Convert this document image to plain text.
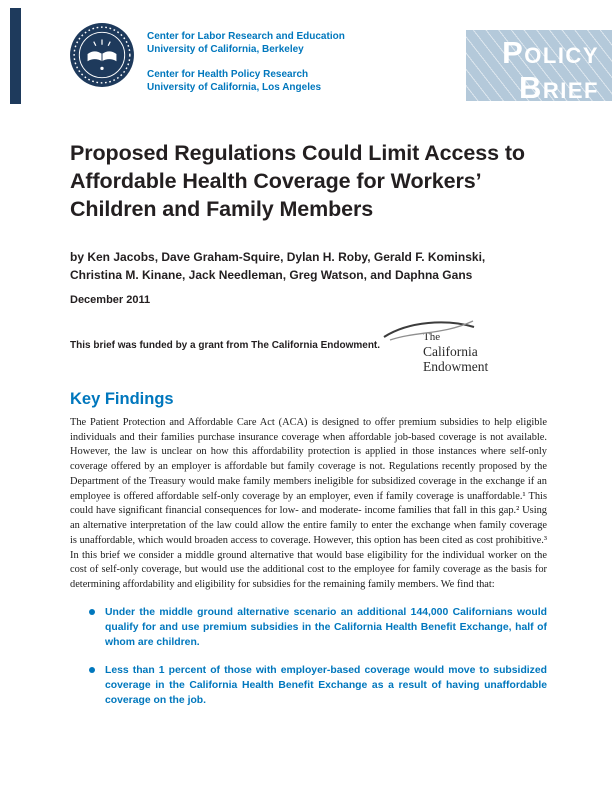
Center for Labor Research and Education
University of California, Berkeley
Center for Health Policy Research
University of California, Los Angeles
POLICY
BRIEF
Proposed Regulations Could Limit Access to Affordable Health Coverage for Workers’ Children and Family Members

by Ken Jacobs, Dave Graham-Squire, Dylan H. Roby, Gerald F. Kominski, Christina M. Kinane, Jack Needleman, Greg Watson, and Daphna Gans

December 2011

This brief was funded by a grant from The California Endowment.

The
California
Endowment
Key Findings

The Patient Protection and Affordable Care Act (ACA) is designed to offer premium subsidies to help eligible individuals and their families purchase insurance coverage when affordable job-based coverage is not available. However, the law is unclear on how this affordability protection is applied in those instances where self-only coverage offered by an employer is affordable but family coverage is not. Regulations recently proposed by the Department of the Treasury would make family members ineligible for subsidized coverage in the exchange if an employee is offered affordable self-only coverage by an employer, even if family coverage is unaffordable.¹ This could have significant financial consequences for low- and moderate- income families that fall in this gap.² Using an alternative interpretation of the law could allow the entire family to enter the exchange when family coverage is unaffordable, which would broaden access to coverage. However, this option has been cited as cost prohibitive.³ In this brief we consider a middle ground alternative that would base eligibility for the individual worker on the cost of self-only coverage, but would use the additional cost to the employee for family coverage as the basis for determining affordability and eligibility for subsidies for the remaining family members. We find that:

Under the middle ground alternative scenario an additional 144,000 Californians would qualify for and use premium subsidies in the California Health Benefit Exchange, half of whom are children.
Less than 1 percent of those with employer-based coverage would move to subsidized coverage in the California Health Benefit Exchange as a result of having unaffordable coverage on the job.
